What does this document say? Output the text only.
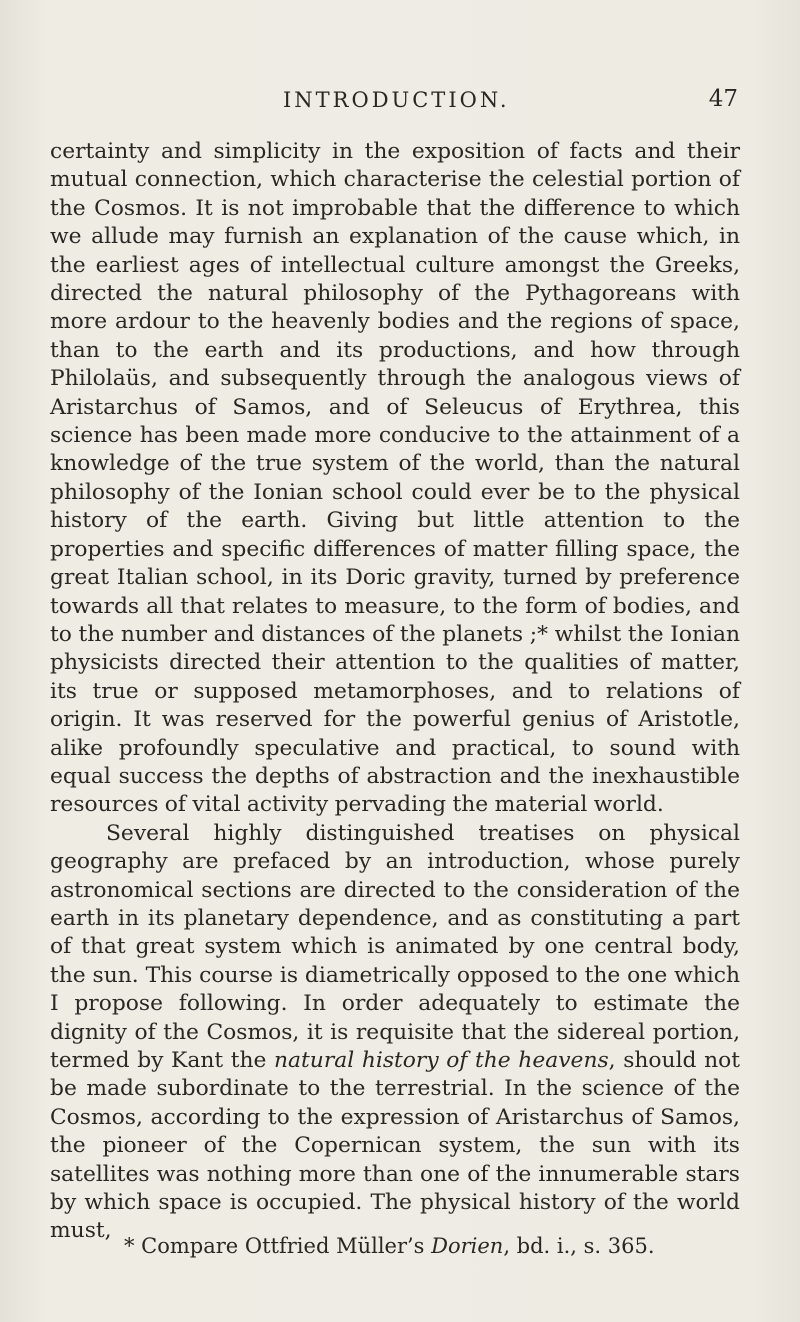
INTRODUCTION.	47

certainty and simplicity in the exposition of facts and their mutual connection, which characterise the celestial portion of the Cosmos. It is not improbable that the difference to which we allude may furnish an explanation of the cause which, in the earliest ages of intellectual culture amongst the Greeks, directed the natural philosophy of the Pythagoreans with more ardour to the heavenly bodies and the regions of space, than to the earth and its productions, and how through Philolaüs, and subsequently through the analogous views of Aristarchus of Samos, and of Seleucus of Erythrea, this science has been made more conducive to the attainment of a knowledge of the true system of the world, than the natural philosophy of the Ionian school could ever be to the physical history of the earth. Giving but little attention to the properties and specific differences of matter filling space, the great Italian school, in its Doric gravity, turned by preference towards all that relates to measure, to the form of bodies, and to the number and distances of the planets ;* whilst the Ionian physicists directed their attention to the qualities of matter, its true or supposed metamorphoses, and to relations of origin. It was reserved for the powerful genius of Aristotle, alike profoundly speculative and practical, to sound with equal success the depths of abstraction and the inexhaustible resources of vital activity pervading the material world.

Several highly distinguished treatises on physical geography are prefaced by an introduction, whose purely astronomical sections are directed to the consideration of the earth in its planetary dependence, and as constituting a part of that great system which is animated by one central body, the sun. This course is diametrically opposed to the one which I propose following. In order adequately to estimate the dignity of the Cosmos, it is requisite that the sidereal portion, termed by Kant the natural history of the heavens, should not be made subordinate to the terrestrial. In the science of the Cosmos, according to the expression of Aristarchus of Samos, the pioneer of the Copernican system, the sun with its satellites was nothing more than one of the innumerable stars by which space is occupied. The physical history of the world must,

* Compare Ottfried Müller’s Dorien, bd. i., s. 365.
